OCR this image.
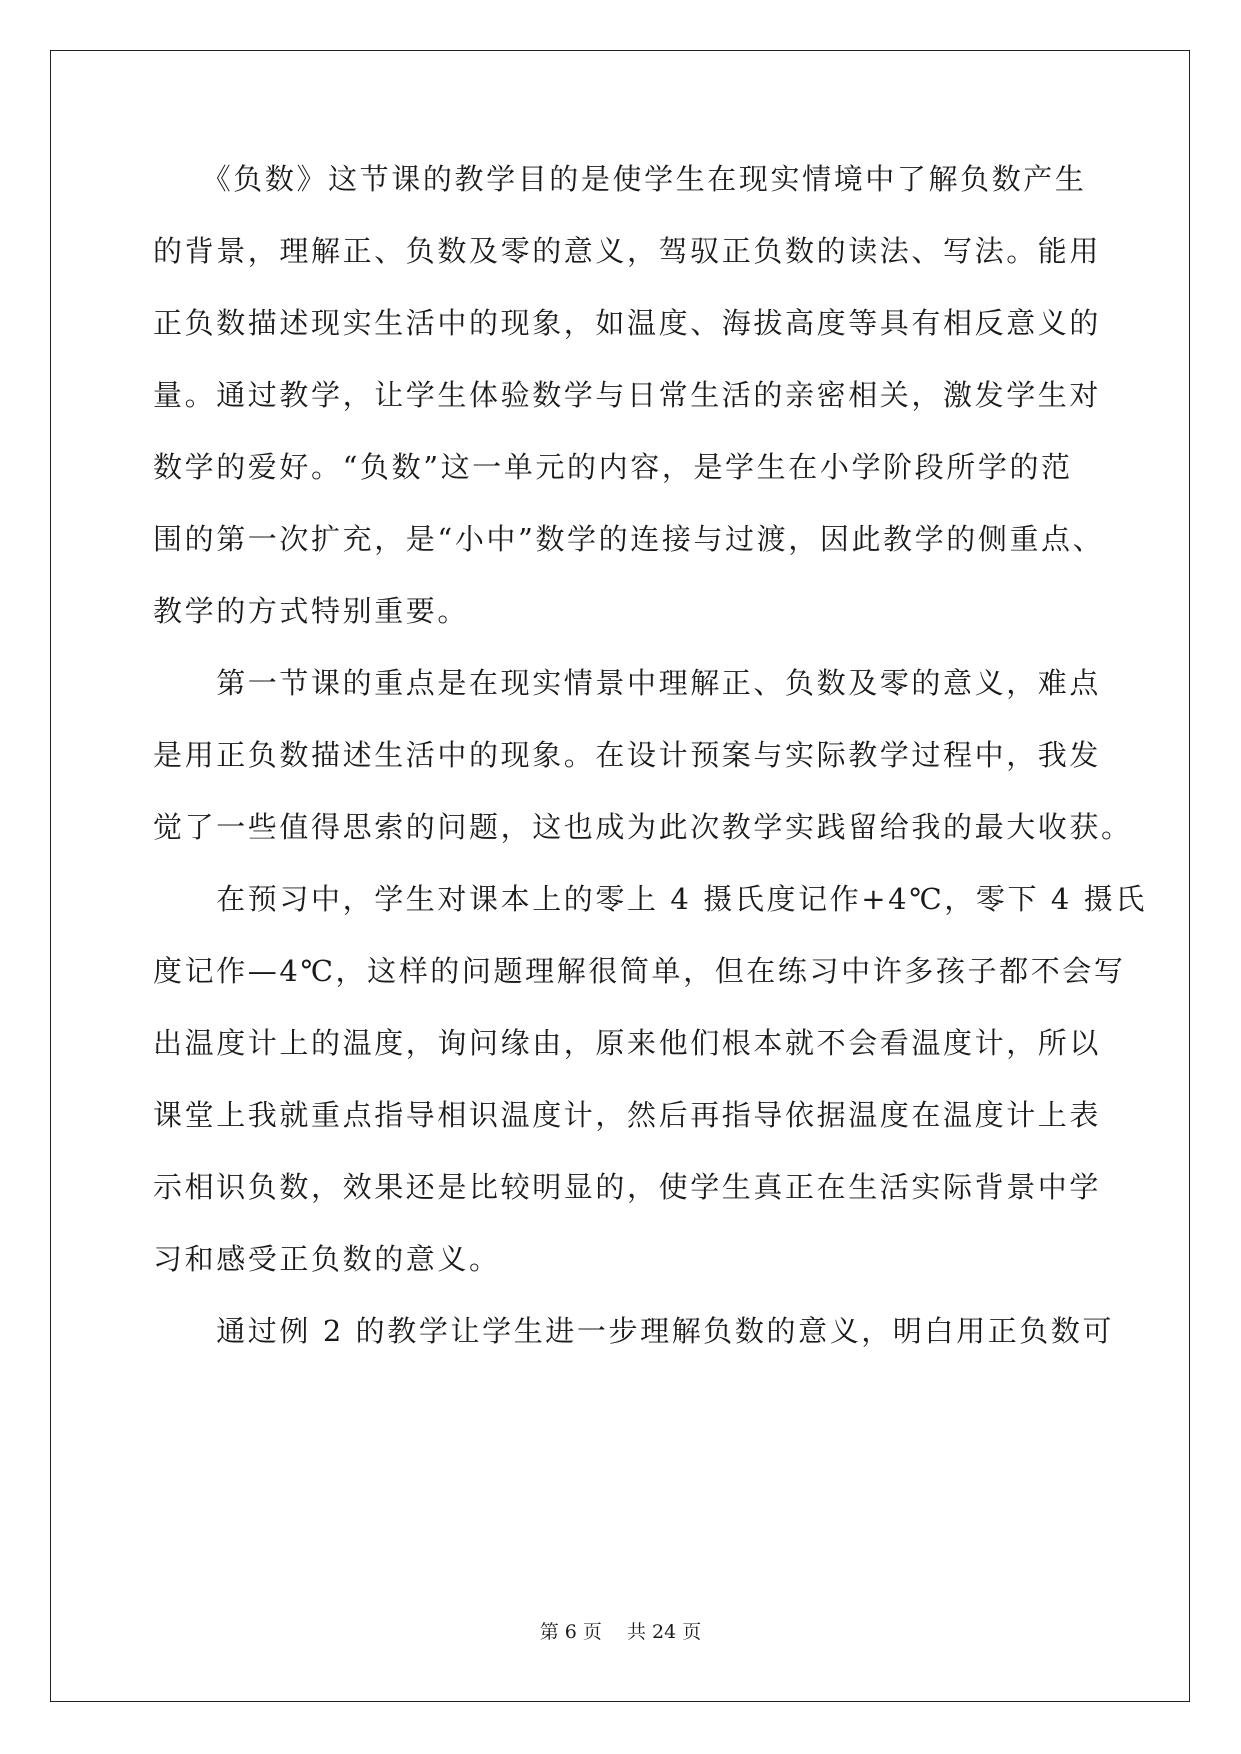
　　《负数》这节课的教学目的是使学生在现实情境中了解负数产生

的背景，理解正、负数及零的意义，驾驭正负数的读法、写法。能用

正负数描述现实生活中的现象，如温度、海拔高度等具有相反意义的

量。通过教学，让学生体验数学与日常生活的亲密相关，激发学生对

数学的爱好。“负数”这一单元的内容，是学生在小学阶段所学的范

围的第一次扩充，是“小中”数学的连接与过渡，因此教学的侧重点、

教学的方式特别重要。

　　第一节课的重点是在现实情景中理解正、负数及零的意义，难点

是用正负数描述生活中的现象。在设计预案与实际教学过程中，我发

觉了一些值得思索的问题，这也成为此次教学实践留给我的最大收获。

　　在预习中，学生对课本上的零上 4 摄氏度记作+4℃，零下 4 摄氏

度记作—4℃，这样的问题理解很简单，但在练习中许多孩子都不会写

出温度计上的温度，询问缘由，原来他们根本就不会看温度计，所以

课堂上我就重点指导相识温度计，然后再指导依据温度在温度计上表

示相识负数，效果还是比较明显的，使学生真正在生活实际背景中学

习和感受正负数的意义。

　　通过例 2 的教学让学生进一步理解负数的意义，明白用正负数可

第 6 页　 共 24 页
